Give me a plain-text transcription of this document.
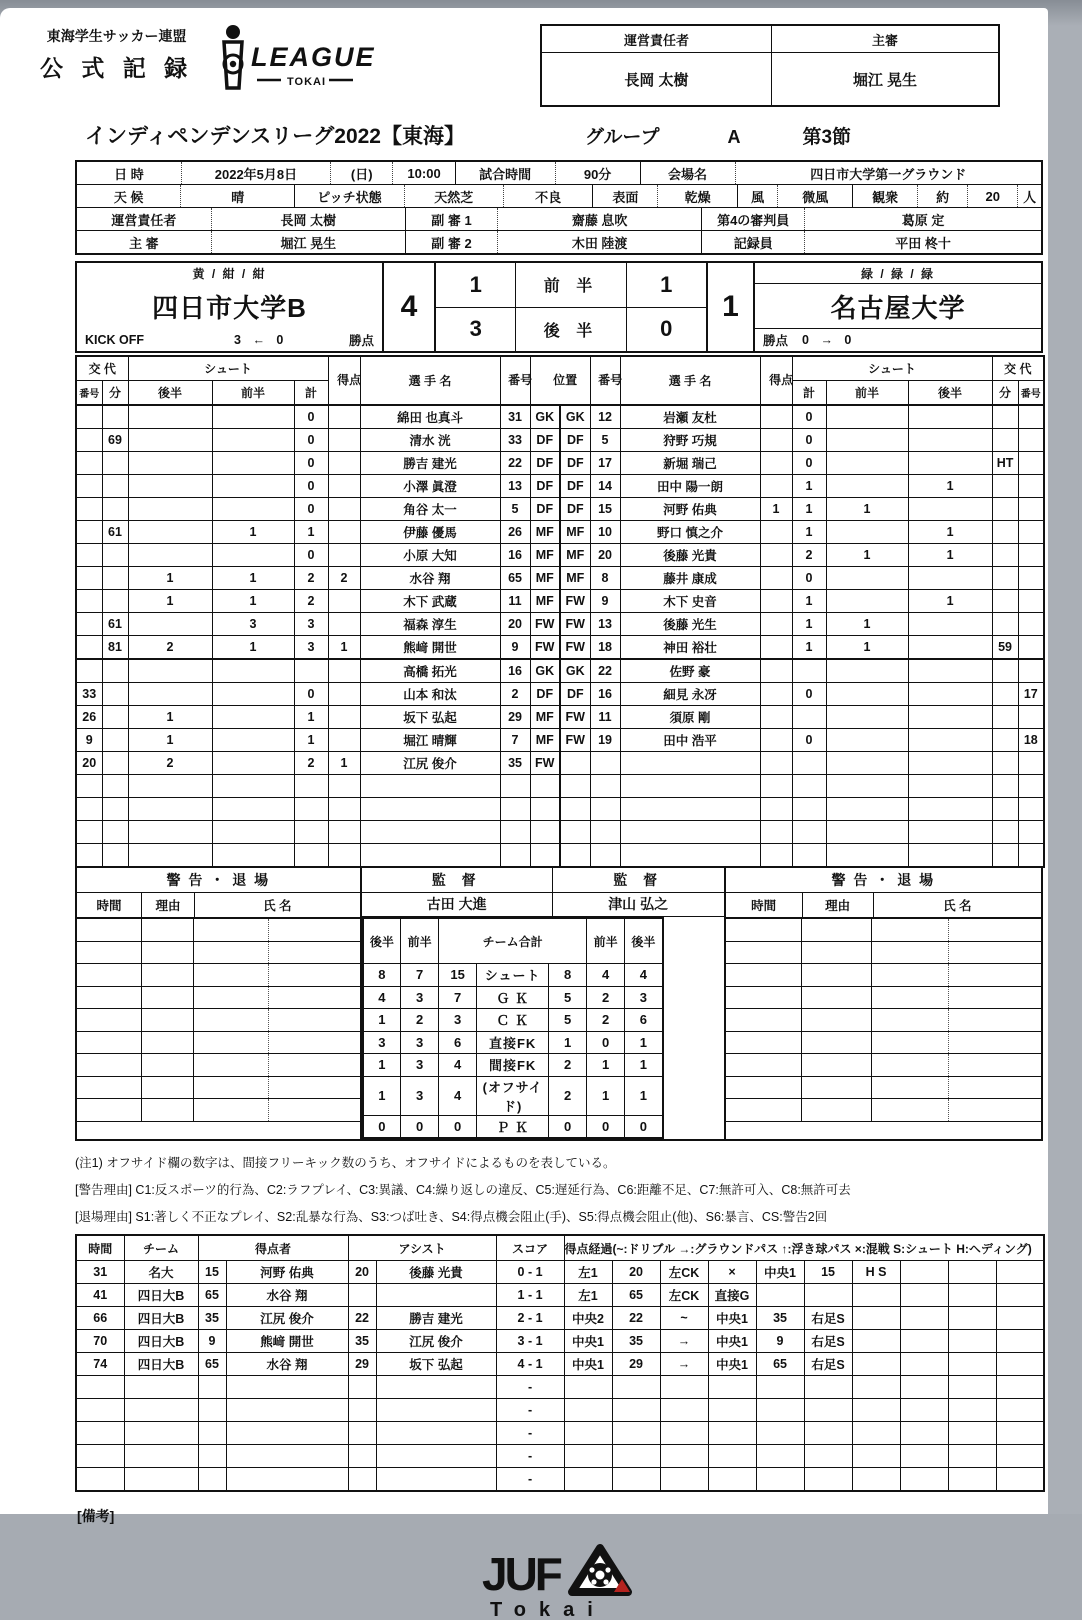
東海学生サッカー連盟
公 式 記 録 LEAGUE
TOKAI
運営責任者	主審
長岡 太樹	堀江 晃生
インディペンデンスリーグ2022【東海】	グループ	A	第3節
日 時	2022年5月8日	(日)	10:00	試合時間	90分	会場名	四日市大学第一グラウンド
天 候	晴	ピッチ状態	天然芝	不良	表面	乾燥	風	微風	観衆	約	20	人
運営責任者	長岡 太樹	副 審 1	齋藤 息吹	第4の審判員	葛原 定
主 審	堀江 晃生	副 審 2	木田 陸渡	記録員	平田 柊十
黄 / 紺 / 紺
四日市大学B
KICK OFF	3 ← 0	勝点
4
1	前 半	1
3	後 半	0
1
緑 / 緑 / 緑
名古屋大学
勝点 0 → 0
交 代		シュート			得点	選 手 名	番号	位置		番号	選 手 名	得点	シュート			交 代	
番号	分	後半	前半	計									計	前半	後半	分	番号
				0		綿田 也真斗	31	GK	GK	12	岩瀬 友杜		0				
	69			0		清水 洸	33	DF	DF	5	狩野 巧規		0				
				0		勝吉 建光	22	DF	DF	17	新堀 瑞己		0			HT	
				0		小澤 眞澄	13	DF	DF	14	田中 陽一朗		1		1		
				0		角谷 太一	5	DF	DF	15	河野 佑典	1	1	1			
	61		1	1		伊藤 優馬	26	MF	MF	10	野口 慎之介		1		1		
				0		小原 大知	16	MF	MF	20	後藤 光貴		2	1	1		
		1	1	2	2	水谷 翔	65	MF	MF	8	藤井 康成		0				
		1	1	2		木下 武蔵	11	MF	FW	9	木下 史音		1		1		
	61		3	3		福森 淳生	20	FW	FW	13	後藤 光生		1	1			
	81	2	1	3	1	熊﨑 開世	9	FW	FW	18	神田 裕壮		1	1		59	
						高橋 拓光	16	GK	GK	22	佐野 豪						
33				0		山本 和汰	2	DF	DF	16	細見 永冴		0				17
26		1		1		坂下 弘起	29	MF	FW	11	須原 剛						
9		1		1		堀江 晴輝	7	MF	FW	19	田中 浩平		0				18
20		2		2	1	江尻 俊介	35	FW									

警 告 ・ 退 場
時間	理由	氏 名

監 督
古田 大進
監 督
津山 弘之
後半	前半	チーム合計			前半	後半
8	7	15	シュート	8	4	4
4	3	7	Ｇ Ｋ	5	2	3
1	2	3	Ｃ Ｋ	5	2	6
3	3	6	直接FK	1	0	1
1	3	4	間接FK	2	1	1
1	3	4	(オフサイド)	2	1	1
0	0	0	Ｐ Ｋ	0	0	0
警 告 ・ 退 場
時間	理由	氏 名

(注1) オフサイド欄の数字は、間接フリーキック数のうち、オフサイドによるものを表している。
[警告理由] C1:反スポーツ的行為、C2:ラフプレイ、C3:異議、C4:繰り返しの違反、C5:遅延行為、C6:距離不足、C7:無許可入、C8:無許可去
[退場理由] S1:著しく不正なプレイ、S2:乱暴な行為、S3:つば吐き、S4:得点機会阻止(手)、S5:得点機会阻止(他)、S6:暴言、CS:警告2回
時間	チーム	得点者		アシスト		スコア	得点経過(~:ドリブル →:グラウンドパス ↑:浮き球パス ×:混戦 S:シュート H:ヘディング)									
31	名大	15	河野 佑典	20	後藤 光貴	0 - 1	左1	20	左CK	×	中央1	15	H S			
41	四日大B	65	水谷 翔			1 - 1	左1	65	左CK	直接G						
66	四日大B	35	江尻 俊介	22	勝吉 建光	2 - 1	中央2	22	~	中央1	35	右足S				
70	四日大B	9	熊﨑 開世	35	江尻 俊介	3 - 1	中央1	35	→	中央1	9	右足S				
74	四日大B	65	水谷 翔	29	坂下 弘起	4 - 1	中央1	29	→	中央1	65	右足S				
						-										
						-										
						-										
						-										
						-										
[備考]
JUF
Tokai
